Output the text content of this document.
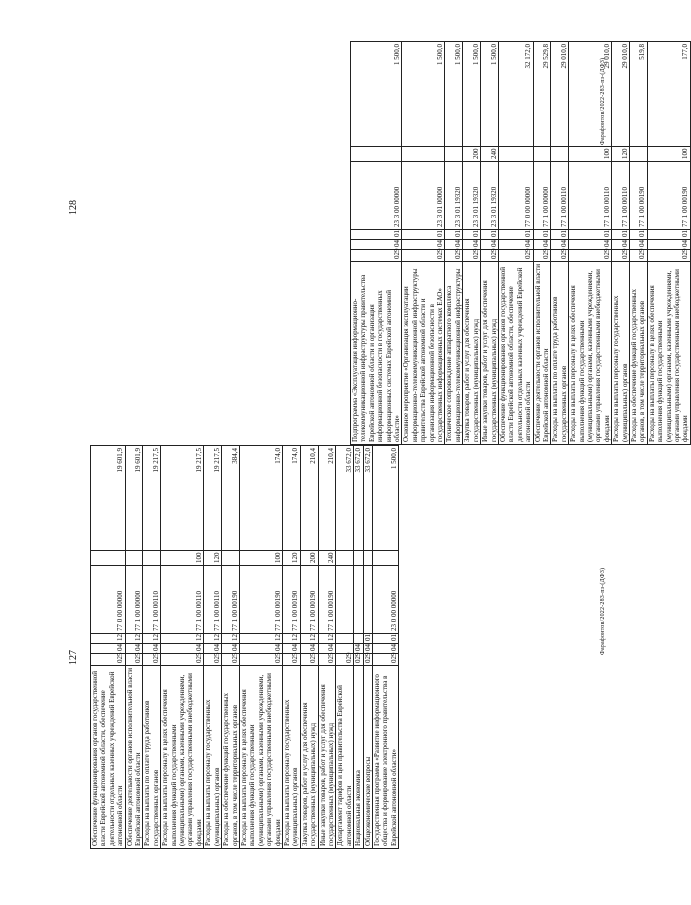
127
128
Обеспечение функционирования органов государственной власти Еврейской автономной области, обеспечение деятельности отдельных казенных учреждений Еврейской автономной области	025	04	12	77 0 00 00000		19 601,9
Обеспечение деятельности органов исполнительной власти Еврейской автономной области	025	04	12	77 1 00 00000		19 601,9
Расходы на выплаты по оплате труда работников государственных органов	025	04	12	77 1 00 00110		19 217,5
Расходы на выплаты персоналу в целях обеспечения выполнения функций государственными (муниципальными) органами, казенными учреждениями, органами управления государственными внебюджетными фондами	025	04	12	77 1 00 00110	100	19 217,5
Расходы на выплаты персоналу государственных (муниципальных) органов	025	04	12	77 1 00 00110	120	19 217,5
Расходы на обеспечение функций государственных органов, в том числе территориальных органов	025	04	12	77 1 00 00190		384,4
Расходы на выплаты персоналу в целях обеспечения выполнения функций государственными (муниципальными) органами, казенными учреждениями, органами управления государственными внебюджетными фондами	025	04	12	77 1 00 00190	100	174,0
Расходы на выплаты персоналу государственных (муниципальных) органов	025	04	12	77 1 00 00190	120	174,0
Закупка товаров, работ и услуг для обеспечения государственных (муниципальных) нужд	025	04	12	77 1 00 00190	200	210,4
Иные закупки товаров, работ и услуг для обеспечения государственных (муниципальных) нужд	025	04	12	77 1 00 00190	240	210,4
Департамент тарифов и цен правительства Еврейской автономной области	029					33 672,0
Национальная экономика	029	04				33 672,0
Общеэкономические вопросы	029	04	01			33 672,0
Государственная программа «Развитие информационного общества и формирование электронного правительства в Еврейской автономной области»	029	04	01	23 0 00 00000		1 500,0
Подпрограмма «Эксплуатация информационно-телекоммуникационной инфраструктуры правительства Еврейской автономной области и организация информационной безопасности в государственных информационных системах Еврейской автономной области»	029	04	01	23 3 00 00000		1 500,0
Основное мероприятие «Организация эксплуатации информационно-телекоммуникационной инфраструктуры правительства Еврейской автономной области и организация информационной безопасности в государственных информационных системах ЕАО»	029	04	01	23 3 01 00000		1 500,0
Техническое сопровождение аппаратного комплекса информационно-телекоммуникационной инфраструктуры	029	04	01	23 3 01 19320		1 500,0
Закупка товаров, работ и услуг для обеспечения государственных (муниципальных) нужд	029	04	01	23 3 01 19320	200	1 500,0
Иные закупки товаров, работ и услуг для обеспечения государственных (муниципальных) нужд	029	04	01	23 3 01 19320	240	1 500,0
Обеспечение функционирования органов государственной власти Еврейской автономной области, обеспечение деятельности отдельных казенных учреждений Еврейской автономной области	029	04	01	77 0 00 00000		32 172,0
Обеспечение деятельности органов исполнительной власти Еврейской автономной области	029	04	01	77 1 00 00000		29 529,8
Расходы на выплаты по оплате труда работников государственных органов	029	04	01	77 1 00 00110		29 010,0
Расходы на выплаты персоналу в целях обеспечения выполнения функций государственными (муниципальными) органами, казенными учреждениями, органами управления государственными внебюджетными фондами	029	04	01	77 1 00 00110	100	29 010,0
Расходы на выплаты персоналу государственных (муниципальных) органов	029	04	01	77 1 00 00110	120	29 010,0
Расходы на обеспечение функций государственных органов, в том числе территориальных органов	029	04	01	77 1 00 00190		519,8
Расходы на выплаты персоналу в целях обеспечения выполнения функций государственными (муниципальными) органами, казенными учреждениями, органами управления государственными внебюджетными фондами	029	04	01	77 1 00 00190	100	177,0
Фарафонтов/2022-283-пз-(ДФ3)
Фарафонтов/2022-283-пз-(ДФ3)
